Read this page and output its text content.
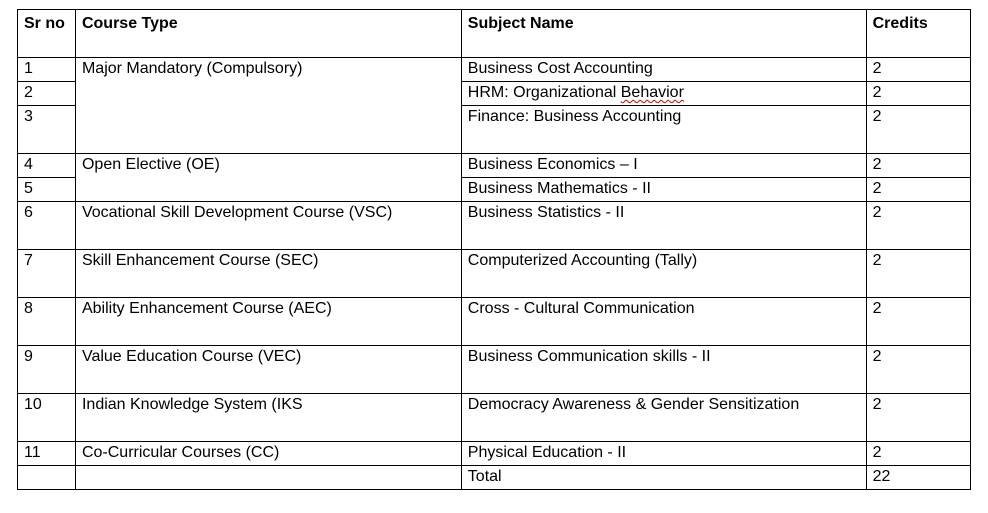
Sr no	Course Type	Subject Name	Credits
1	Major Mandatory (Compulsory)	Business Cost Accounting	2
2		HRM: Organizational Behavior	2
3		Finance: Business Accounting	2
4	Open Elective (OE)	Business Economics – I	2
5		Business Mathematics - II	2
6	Vocational Skill Development Course (VSC)	Business Statistics - II	2
7	Skill Enhancement Course (SEC)	Computerized Accounting (Tally)	2
8	Ability Enhancement Course (AEC)	Cross - Cultural Communication	2
9	Value Education Course (VEC)	Business Communication skills - II	2
10	Indian Knowledge System (IKS	Democracy Awareness & Gender Sensitization	2
11	Co-Curricular Courses (CC)	Physical Education - II	2
		Total	22
